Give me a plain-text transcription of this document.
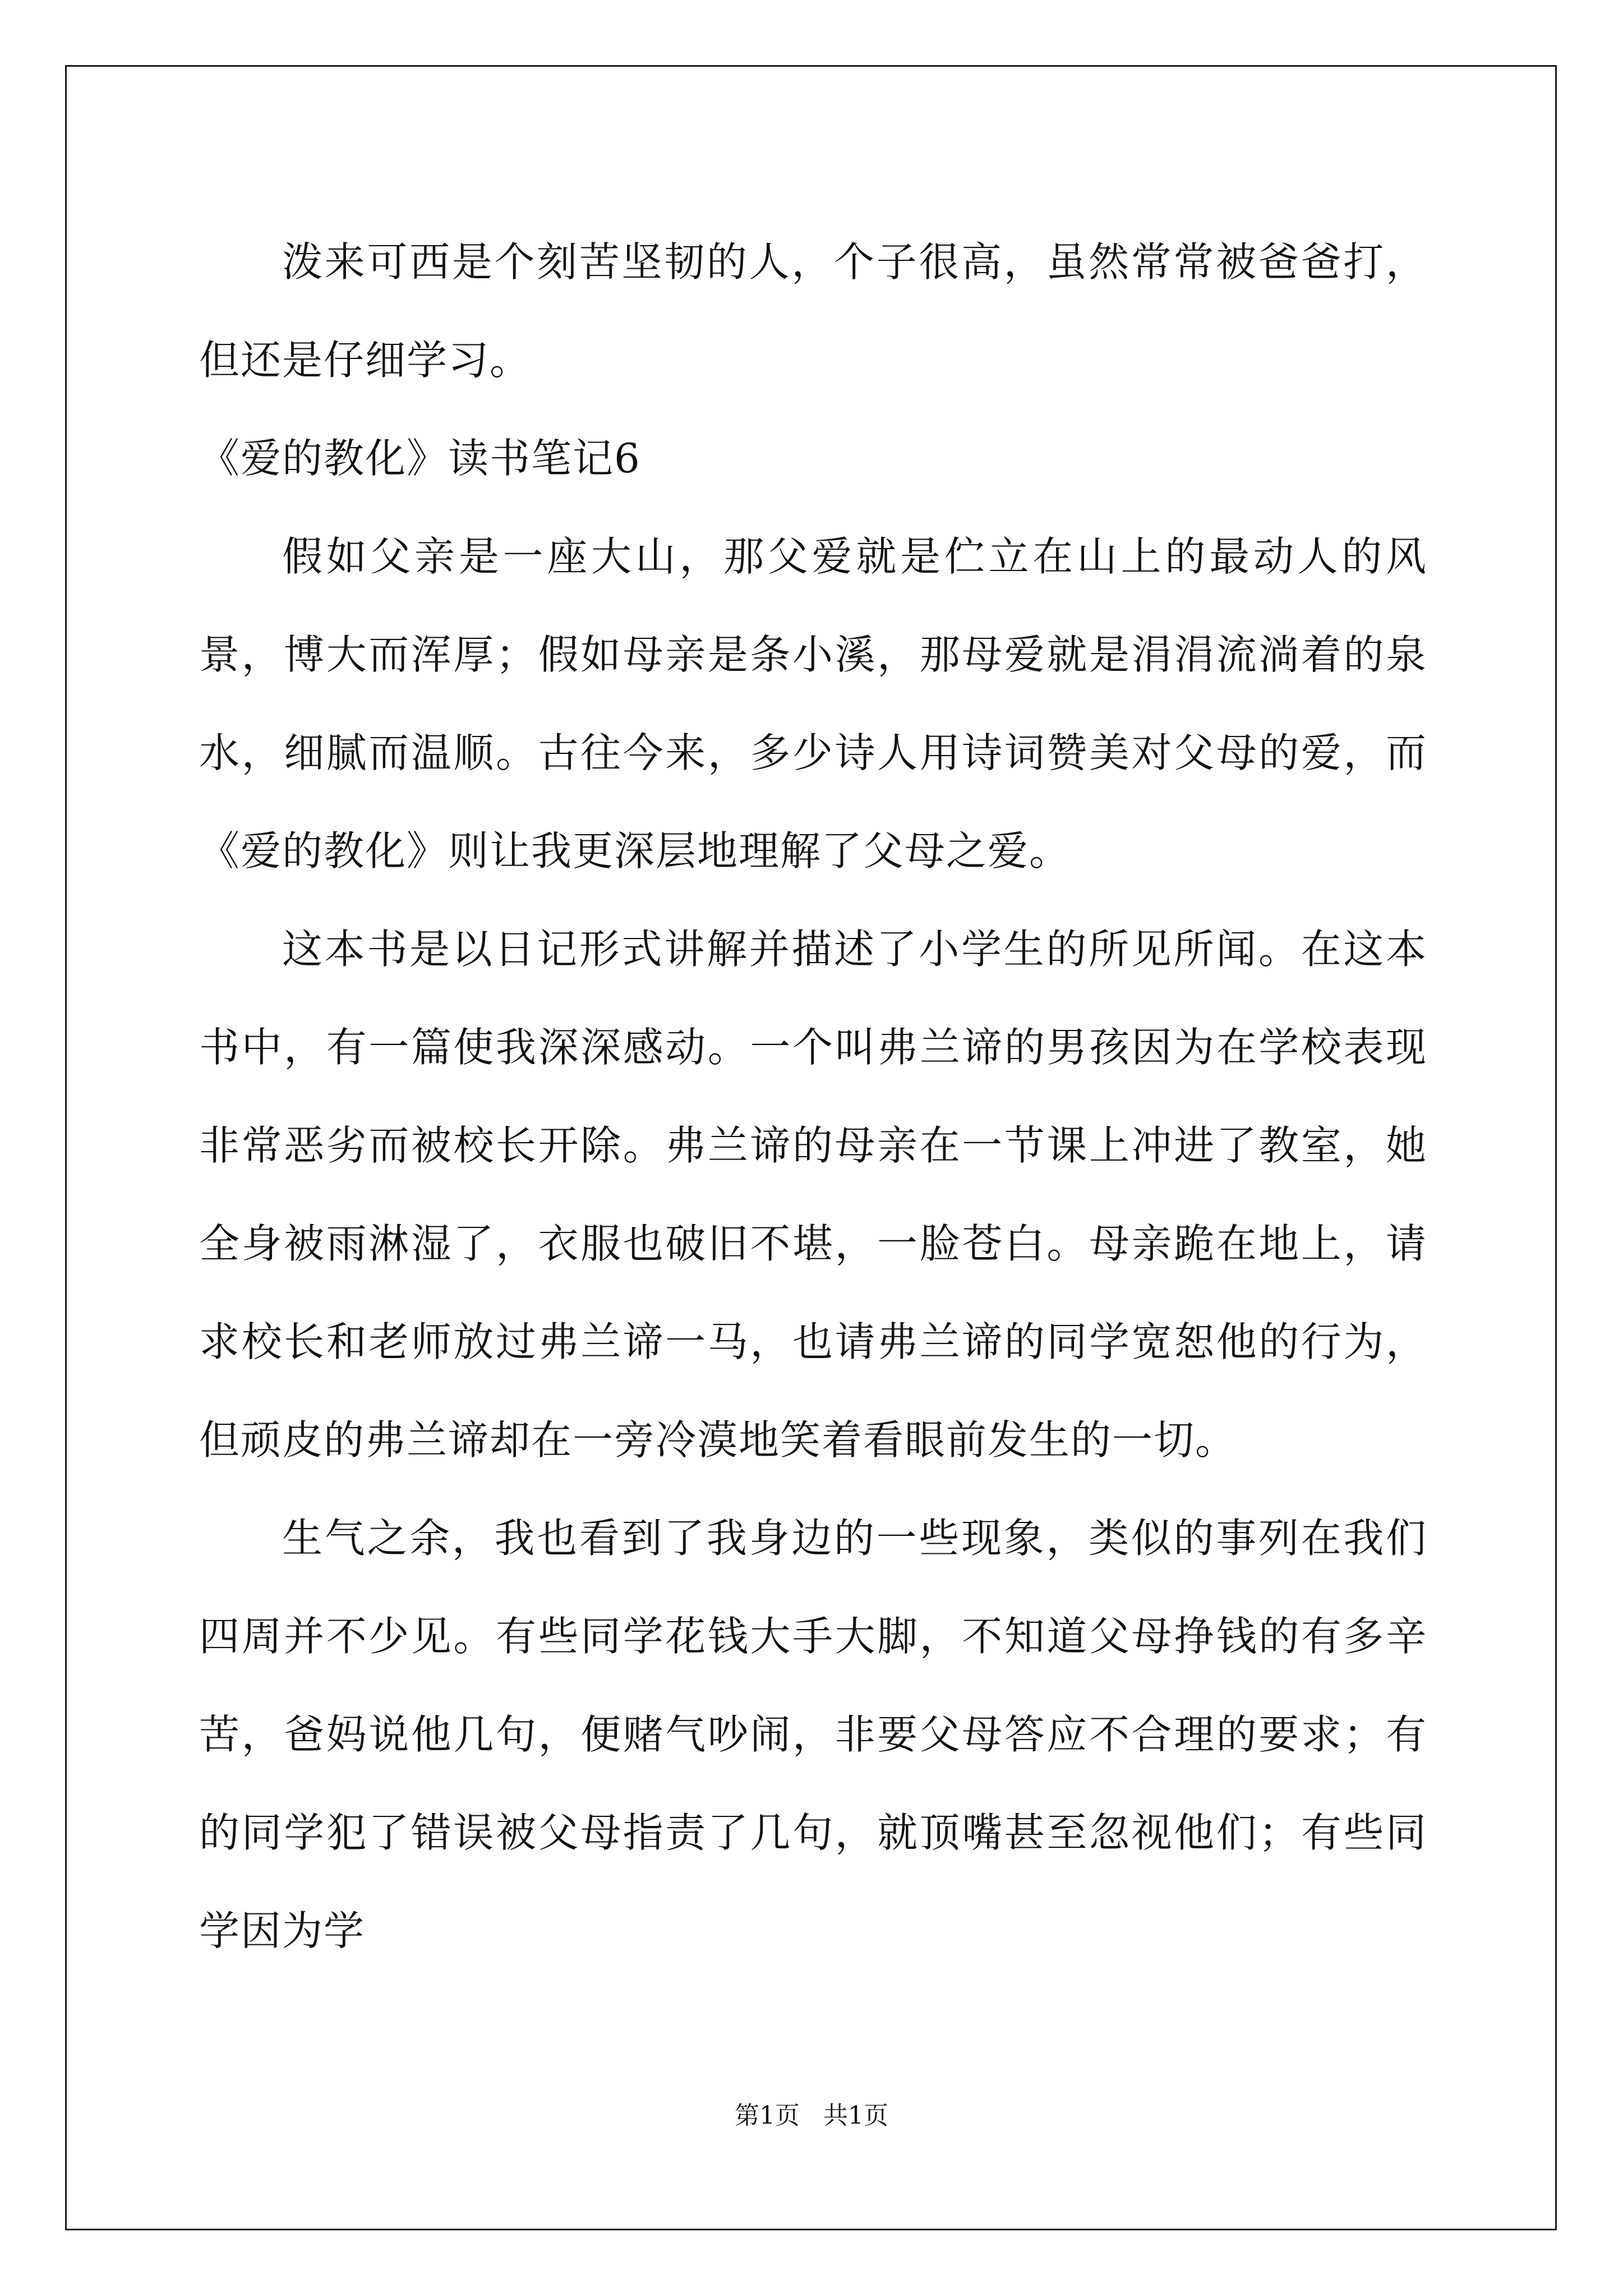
泼来可西是个刻苦坚韧的人，个子很高，虽然常常被爸爸打，但还是仔细学习。

《爱的教化》读书笔记6

假如父亲是一座大山，那父爱就是伫立在山上的最动人的风景，博大而浑厚；假如母亲是条小溪，那母爱就是涓涓流淌着的泉水，细腻而温顺。古往今来，多少诗人用诗词赞美对父母的爱，而《爱的教化》则让我更深层地理解了父母之爱。

这本书是以日记形式讲解并描述了小学生的所见所闻。在这本书中，有一篇使我深深感动。一个叫弗兰谛的男孩因为在学校表现非常恶劣而被校长开除。弗兰谛的母亲在一节课上冲进了教室，她全身被雨淋湿了，衣服也破旧不堪，一脸苍白。母亲跪在地上，请求校长和老师放过弗兰谛一马，也请弗兰谛的同学宽恕他的行为，但顽皮的弗兰谛却在一旁冷漠地笑着看眼前发生的一切。

生气之余，我也看到了我身边的一些现象，类似的事列在我们四周并不少见。有些同学花钱大手大脚，不知道父母挣钱的有多辛苦，爸妈说他几句，便赌气吵闹，非要父母答应不合理的要求；有的同学犯了错误被父母指责了几句，就顶嘴甚至忽视他们；有些同学因为学

第1页 共1页
